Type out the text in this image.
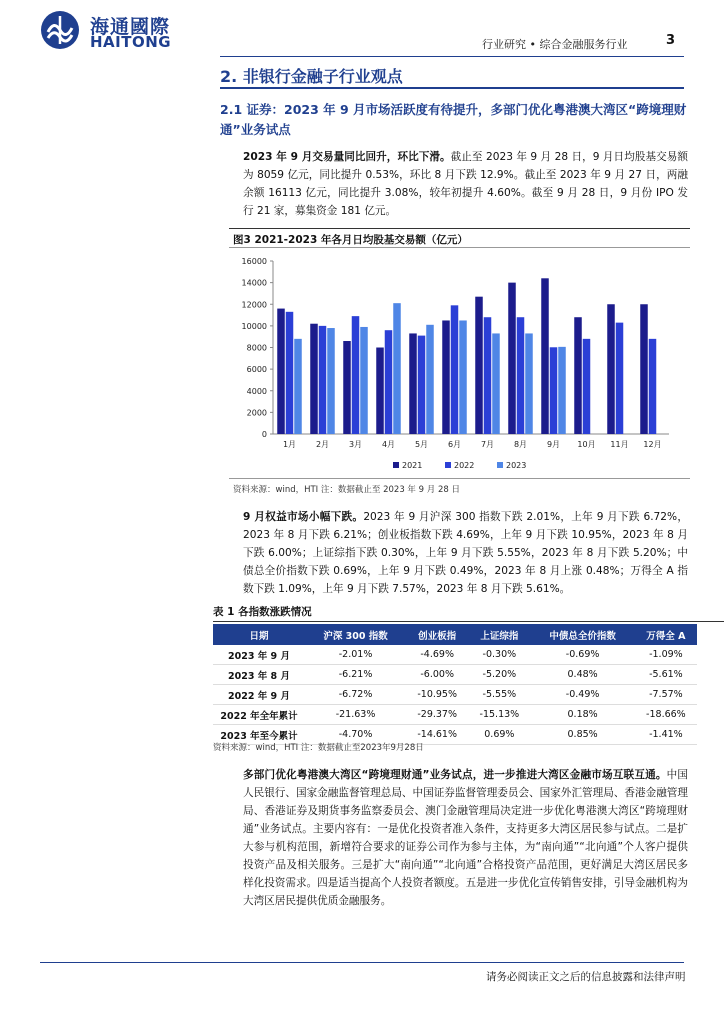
海通國際
HAITONG	行业研究 • 综合金融服务行业	3
2. 非银行金融子行业观点
2.1 证券：2023 年 9 月市场活跃度有待提升，多部门优化粤港澳大湾区“跨境理财通”业务试点
2023 年 9 月交易量同比回升，环比下滑。截止至 2023 年 9 月 28 日，9 月日均股基交易额为 8059 亿元，同比提升 0.53%，环比 8 月下跌 12.9%。截止至 2023 年 9 月 27 日，两融余额 16113 亿元，同比提升 3.08%，较年初提升 4.60%。截至 9 月 28 日，9 月份 IPO 发行 21 家，募集资金 181 亿元。
图3 2021-2023 年各月日均股基交易额（亿元）
0
2000
4000
6000
8000
10000
12000
14000
16000
1月 2月 3月 4月 5月 6月 7月 8月 9月 10月 11月 12月
2021	2022	2023
资料来源：wind，HTI 注：数据截止至 2023 年 9 月 28 日
9 月权益市场小幅下跌。2023 年 9 月沪深 300 指数下跌 2.01%，上年 9 月下跌 6.72%，2023 年 8 月下跌 6.21%；创业板指数下跌 4.69%，上年 9 月下跌 10.95%，2023 年 8 月下跌 6.00%；上证综指下跌 0.30%，上年 9 月下跌 5.55%，2023 年 8 月下跌 5.20%；中债总全价指数下跌 0.69%，上年 9 月下跌 0.49%，2023 年 8 月上涨 0.48%；万得全 A 指数下跌 1.09%，上年 9 月下跌 7.57%，2023 年 8 月下跌 5.61%。
表 1 各指数涨跌情况
日期	沪深 300 指数	创业板指	上证综指	中债总全价指数	万得全 A
2023 年 9 月	-2.01%	-4.69%	-0.30%	-0.69%	-1.09%
2023 年 8 月	-6.21%	-6.00%	-5.20%	0.48%	-5.61%
2022 年 9 月	-6.72%	-10.95%	-5.55%	-0.49%	-7.57%
2022 年全年累计	-21.63%	-29.37%	-15.13%	0.18%	-18.66%
2023 年至今累计	-4.70%	-14.61%	0.69%	0.85%	-1.41%
资料来源：wind，HTI 注：数据截止至2023年9月28日
多部门优化粤港澳大湾区“跨境理财通”业务试点，进一步推进大湾区金融市场互联互通。中国人民银行、国家金融监督管理总局、中国证券监督管理委员会、国家外汇管理局、香港金融管理局、香港证券及期货事务监察委员会、澳门金融管理局决定进一步优化粤港澳大湾区“跨境理财通”业务试点。主要内容有：一是优化投资者准入条件，支持更多大湾区居民参与试点。二是扩大参与机构范围，新增符合要求的证券公司作为参与主体，为“南向通”“北向通”个人客户提供投资产品及相关服务。三是扩大“南向通”“北向通”合格投资产品范围，更好满足大湾区居民多样化投资需求。四是适当提高个人投资者额度。五是进一步优化宣传销售安排，引导金融机构为大湾区居民提供优质金融服务。
请务必阅读正文之后的信息披露和法律声明
